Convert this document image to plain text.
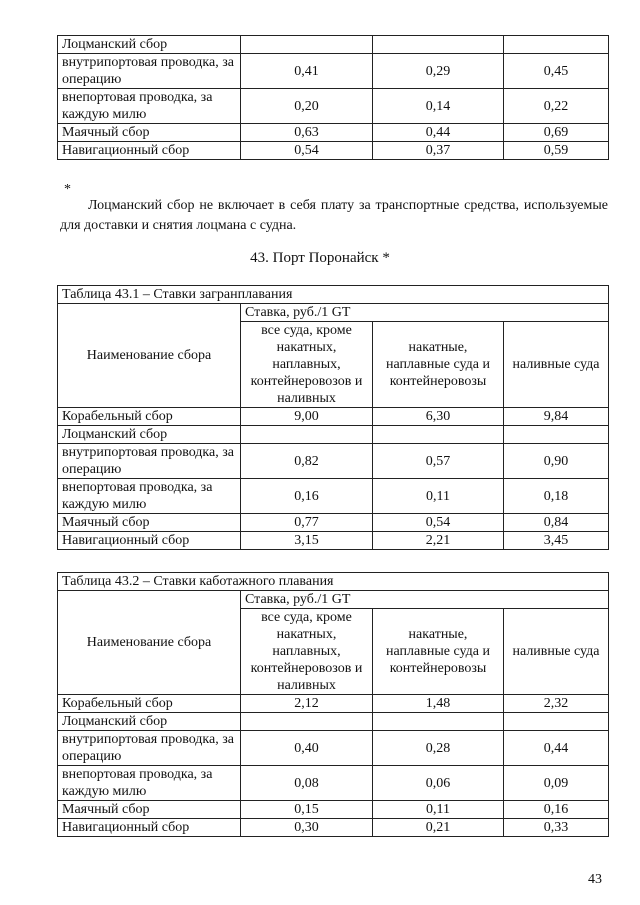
Лоцманский сбор			
внутрипортовая проводка, за операцию	0,41	0,29	0,45
внепортовая проводка, за каждую милю	0,20	0,14	0,22
Маячный сбор	0,63	0,44	0,69
Навигационный сбор	0,54	0,37	0,59
*
Лоцманский сбор не включает в себя плату за транспортные средства, используемые для доставки и снятия лоцмана с судна.
43. Порт Поронайск *
Таблица 43.1 – Ставки загранплавания			
Наименование сбора	Ставка, руб./1 GT		
	все суда, кроме накатных, наплавных, контейнеровозов и наливных	накатные, наплавные суда и контейнеровозы	наливные суда
Корабельный сбор	9,00	6,30	9,84
Лоцманский сбор			
внутрипортовая проводка, за операцию	0,82	0,57	0,90
внепортовая проводка, за каждую милю	0,16	0,11	0,18
Маячный сбор	0,77	0,54	0,84
Навигационный сбор	3,15	2,21	3,45
Таблица 43.2 – Ставки каботажного плавания			
Наименование сбора	Ставка, руб./1 GT		
	все суда, кроме накатных, наплавных, контейнеровозов и наливных	накатные, наплавные суда и контейнеровозы	наливные суда
Корабельный сбор	2,12	1,48	2,32
Лоцманский сбор			
внутрипортовая проводка, за операцию	0,40	0,28	0,44
внепортовая проводка, за каждую милю	0,08	0,06	0,09
Маячный сбор	0,15	0,11	0,16
Навигационный сбор	0,30	0,21	0,33
43
